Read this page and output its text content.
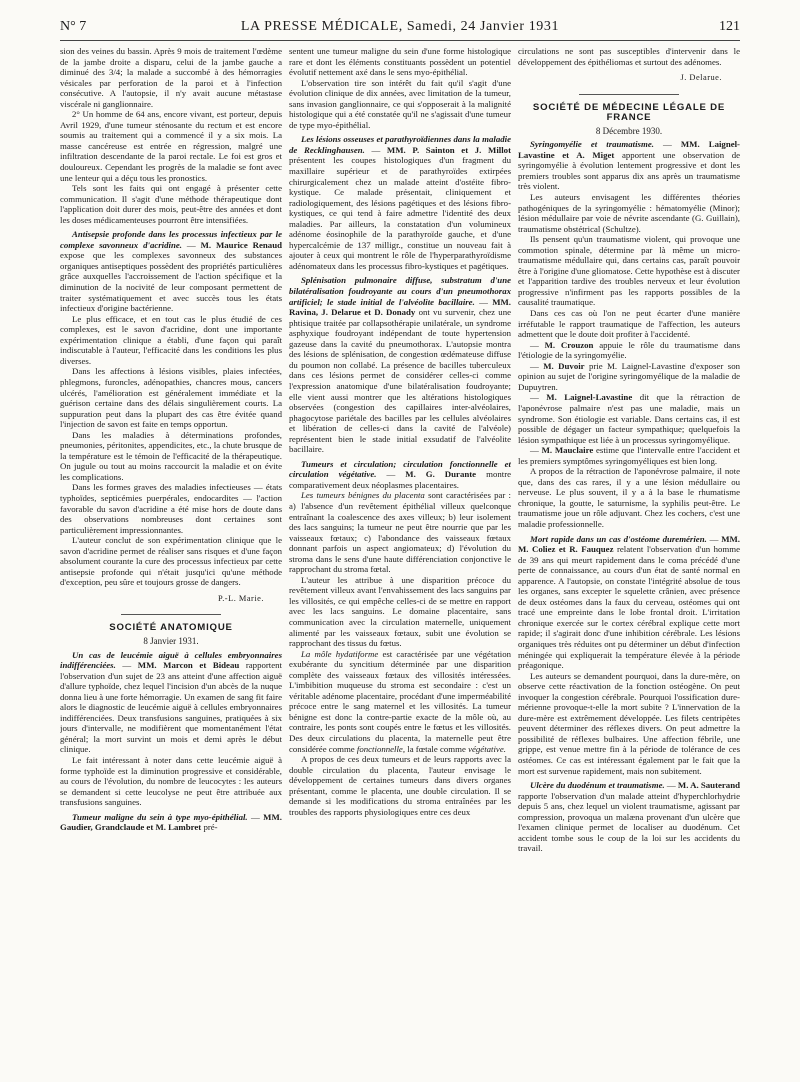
N° 7	LA PRESSE MÉDICALE, Samedi, 24 Janvier 1931	121

sion des veines du bassin. Après 9 mois de traitement l'œdème de la jambe droite a disparu, celui de la jambe gauche a diminué des 3/4; la malade a succombé à des hémorragies vésicales par perforation de la paroi et à l'infection consécutive. A l'autopsie, il n'y avait aucune métastase viscérale ni ganglionnaire.

2° Un homme de 64 ans, encore vivant, est porteur, depuis Avril 1929, d'une tumeur sténosante du rectum et est encore soumis au traitement qui a commencé il y a six mois. La masse cancéreuse est entrée en régression, malgré une infiltration descendante de la paroi rectale. Le foi est gros et douloureux. Cependant les progrès de la maladie se font avec une lenteur qui a déçu tous les pronostics.

Tels sont les faits qui ont engagé à présenter cette communication. Il s'agit d'une méthode thérapeutique dont l'application doit durer des mois, peut-être des années et dont les doses médicamenteuses pourront être intensifiées.

Antisepsie profonde dans les processus infectieux par le complexe savonneux d'acridine. — M. Maurice Renaud expose que les complexes savonneux des substances organiques antiseptiques possèdent des propriétés particulières grâce auxquelles l'accroissement de l'action spécifique et la diminution de la nocivité de leur composant permettent de traiter systématiquement et avec succès tous les états infectieux d'origine bactérienne.

Le plus efficace, et en tout cas le plus étudié de ces complexes, est le savon d'acridine, dont une importante expérimentation clinique a établi, d'une façon qui paraît indiscutable à l'auteur, l'efficacité dans les conditions les plus diverses.

Dans les affections à lésions visibles, plaies infectées, phlegmons, furoncles, adénopathies, chancres mous, cancers ulcérés, l'amélioration est généralement immédiate et la guérison certaine dans des délais singulièrement courts. La suppuration peut dans la plupart des cas être évitée quand l'injection de savon est faite en temps opportun.

Dans les maladies à déterminations profondes, pneumonies, péritonites, appendicites, etc., la chute brusque de la température est le témoin de l'efficacité de la thérapeutique. On jugule ou tout au moins raccourcit la maladie et on évite les complications.

Dans les formes graves des maladies infectieuses — états typhoïdes, septicémies puerpérales, endocardites — l'action favorable du savon d'acridine a été mise hors de doute dans des observations nombreuses dont certaines sont particulièrement impressionnantes.

L'auteur conclut de son expérimentation clinique que le savon d'acridine permet de réaliser sans risques et d'une façon absolument courante la cure des processus infectieux par cette antisepsie profonde qui n'était jusqu'ici qu'une méthode d'exception, peu sûre et toujours grosse de dangers.

P.-L. Marie.

SOCIÉTÉ ANATOMIQUE
8 Janvier 1931.

Un cas de leucémie aiguë à cellules embryonnaires indifférenciées. — MM. Marcon et Bideau rapportent l'observation d'un sujet de 23 ans atteint d'une affection aiguë d'allure typhoïde, chez lequel l'incision d'un abcès de la nuque donna lieu à une forte hémorragie. Un examen de sang fit faire alors le diagnostic de leucémie aiguë à cellules embryonnaires indifférenciées. Deux transfusions sanguines, pratiquées à six jours d'intervalle, ne modifièrent que momentanément l'état général; la mort survint un mois et demi après le début clinique.

Le fait intéressant à noter dans cette leucémie aiguë à forme typhoïde est la diminution progressive et considérable, au cours de l'évolution, du nombre de leucocytes : les auteurs se demandent si cette leucolyse ne peut être attribuée aux transfusions sanguines.

Tumeur maligne du sein à type myo-épithélial. — MM. Gaudier, Grandclaude et M. Lambret pré-

sentent une tumeur maligne du sein d'une forme histologique rare et dont les éléments constituants possèdent un potentiel évolutif nettement axé dans le sens myo-épithélial.

L'observation tire son intérêt du fait qu'il s'agit d'une évolution clinique de dix années, avec limitation de la tumeur, sans invasion ganglionnaire, ce qui s'opposerait à la malignité histologique qui a été constatée qu'il ne s'agissait d'une tumeur de type myo-épithélial.

Les lésions osseuses et parathyroïdiennes dans la maladie de Recklinghausen. — MM. P. Sainton et J. Millot présentent les coupes histologiques d'un fragment du maxillaire supérieur et de parathyroïdes extirpées chirurgicalement chez un malade atteint d'ostéite fibro-kystique. Ce malade présentait, cliniquement et radiologiquement, des lésions pagétiques et des lésions fibro-kystiques, ce qui tend à faire admettre l'identité des deux maladies. Par ailleurs, la constatation d'un volumineux adénome éosinophile de la parathyroïde gauche, et d'une hypercalcémie de 137 milligr., constitue un nouveau fait à ajouter à ceux qui montrent le rôle de l'hyperparathyroïdisme adénomateux dans les processus fibro-kystiques et pagétiques.

Splénisation pulmonaire diffuse, substratum d'une bilatéralisation foudroyante au cours d'un pneumothorax artificiel; le stade initial de l'alvéolite bacillaire. — MM. Ravina, J. Delarue et D. Donady ont vu survenir, chez une phtisique traitée par collapsothérapie unilatérale, un syndrome asphyxique foudroyant indépendant de toute hypertension gazeuse dans la cavité du pneumothorax. L'autopsie montra des lésions de splénisation, de congestion œdémateuse diffuse du poumon non collabé. La présence de bacilles tuberculeux dans ces lésions permet de considérer celles-ci comme l'expression anatomique d'une bilatéralisation foudroyante; elle vient aussi montrer que les altérations histologiques observées (congestion des capillaires inter-alvéolaires, phagocytose pariétale des bacilles par les cellules alvéolaires et libération de celles-ci dans la cavité de l'alvéole) représentent bien le stade initial exsudatif de l'alvéolite bacillaire.

Tumeurs et circulation; circulation fonctionnelle et circulation végétative. — M. G. Durante montre comparativement deux néoplasmes placentaires.

Les tumeurs bénignes du placenta sont caractérisées par : a) l'absence d'un revêtement épithélial villeux quelconque entraînant la coalescence des axes villeux; b) leur isolement des lacs sanguins; la tumeur ne peut être nourrie que par les vaisseaux fœtaux; c) l'abondance des vaisseaux fœtaux donnant parfois un aspect angiomateux; d) l'évolution du stroma dans le sens d'une haute différenciation conjonctive le rapprochant du stroma fœtal.

L'auteur les attribue à une disparition précoce du revêtement villeux avant l'envahissement des lacs sanguins par les villosités, ce qui empêche celles-ci de se mettre en rapport avec les lacs sanguins. Le domaine placentaire, sans communication avec la circulation maternelle, uniquement alimenté par les vaisseaux fœtaux, subit une évolution se rapprochant des tissus du fœtus.

La môle hydatiforme est caractérisée par une végétation exubérante du syncitium déterminée par une disparition complète des vaisseaux fœtaux des villosités intéressées. L'imbibition muqueuse du stroma est secondaire : c'est un véritable adénome placentaire, procédant d'une imperméabilité précoce entre le sang maternel et les villosités. La tumeur bénigne est donc la contre-partie exacte de la môle où, au contraire, les ponts sont coupés entre le fœtus et les villosités. Des deux circulations du placenta, la maternelle peut être considérée comme fonctionnelle, la fœtale comme végétative.

A propos de ces deux tumeurs et de leurs rapports avec la double circulation du placenta, l'auteur envisage le développement de certaines tumeurs dans divers organes présentant, comme le placenta, une double circulation. Il se demande si les modifications du stroma entraînées par les troubles des rapports physiologiques entre ces deux

circulations ne sont pas susceptibles d'intervenir dans le développement des épithéliomas et surtout des adénomes.

J. Delarue.

SOCIÉTÉ DE MÉDECINE LÉGALE DE FRANCE
8 Décembre 1930.

Syringomyélie et traumatisme. — MM. Laignel-Lavastine et A. Miget apportent une observation de syringomyélie à évolution lentement progressive et dont les premiers troubles sont apparus dix ans après un traumatisme très violent.

Les auteurs envisagent les différentes théories pathogéniques de la syringomyélie : hématomyélie (Minor); lésion médullaire par voie de névrite ascendante (G. Guillain), traumatisme obstétrical (Schultze).

Ils pensent qu'un traumatisme violent, qui provoque une commotion spinale, détermine par là même un micro-traumatisme médullaire qui, dans certains cas, paraît pouvoir être à l'origine d'une gliomatose. Cette hypothèse est à discuter et l'apparition tardive des troubles nerveux et leur évolution progressive n'infirment pas les rapports possibles de la causalité traumatique.

Dans ces cas où l'on ne peut écarter d'une manière irréfutable le rapport traumatique de l'affection, les auteurs admettent que le doute doit profiter à l'accidenté.

— M. Crouzon appuie le rôle du traumatisme dans l'étiologie de la syringomyélie.

— M. Duvoir prie M. Laignel-Lavastine d'exposer son opinion au sujet de l'origine syringomyélique de la maladie de Dupuytren.

— M. Laignel-Lavastine dit que la rétraction de l'aponévrose palmaire n'est pas une maladie, mais un syndrome. Son étiologie est variable. Dans certains cas, il est possible de dégager un facteur sympathique; quelquefois la lésion sympathique est liée à un processus syringomyélique.

— M. Mauclaire estime que l'intervalle entre l'accident et les premiers symptômes syringomyéliques est bien long.

A propos de la rétraction de l'aponévrose palmaire, il note que, dans des cas rares, il y a une lésion médullaire ou nerveuse. Le plus souvent, il y a à la base le rhumatisme chronique, la goutte, le saturnisme, la syphilis peut-être. Le traumatisme joue un rôle adjuvant. Chez les cochers, c'est une maladie professionnelle.

Mort rapide dans un cas d'ostéome duremérien. — MM. M. Coliez et R. Fauquez relatent l'observation d'un homme de 39 ans qui meurt rapidement dans le coma précédé d'une perte de connaissance, au cours d'un état de santé normal en apparence. A l'autopsie, on constate l'intégrité absolue de tous les organes, sans excepter le squelette crânien, avec présence de deux ostéomes dans la faux du cerveau, ostéomes qui ont tracé une empreinte dans le lobe frontal droit. L'irritation chronique exercée sur le cortex cérébral explique cette mort rapide; il s'agirait donc d'une inhibition cérébrale. Les lésions organiques très réduites ont pu déterminer un début d'infection méningée qui expliquerait la température élevée à la période préagonique.

Les auteurs se demandent pourquoi, dans la dure-mère, on observe cette réactivation de la fonction ostéogène. On peut invoquer la congestion cérébrale. Pourquoi l'ossification dure-mérienne provoque-t-elle la mort subite ? L'innervation de la dure-mère est extrêmement développée. Les filets centripètes peuvent déterminer des réflexes divers. On peut admettre la possibilité de réflexes bulbaires. Une affection fébrile, une grippe, est venue mettre fin à la période de tolérance de ces ostéomes. Ce cas est intéressant également par le fait que la mort est survenue rapidement, mais non subitement.

Ulcère du duodénum et traumatisme. — M. A. Sauterand rapporte l'observation d'un malade atteint d'hyperchlorhydrie depuis 5 ans, chez lequel un violent traumatisme, agissant par compression, provoqua un malæna provenant d'un ulcère que l'examen clinique permet de localiser au duodénum. Cet accident tombe sous le coup de la loi sur les accidents du travail.
